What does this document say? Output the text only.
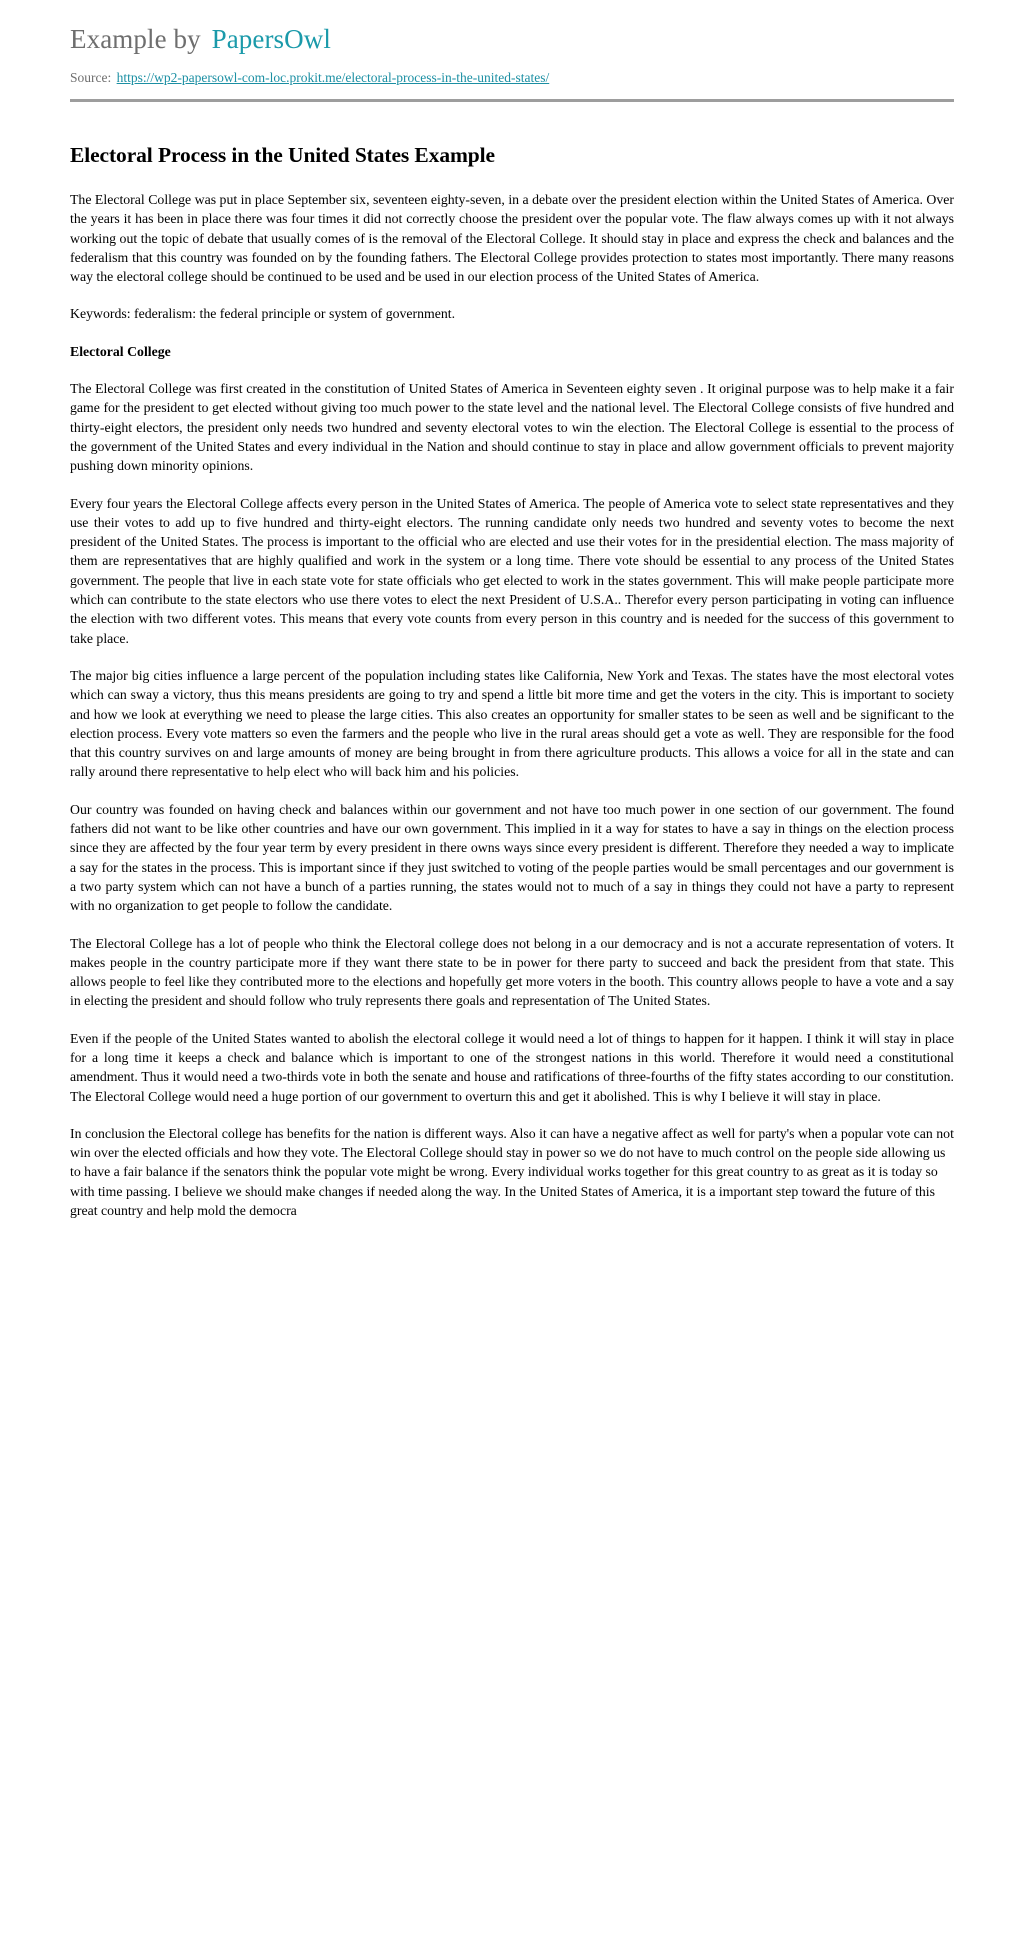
Example by PapersOwl
Source: https://wp2-papersowl-com-loc.prokit.me/electoral-process-in-the-united-states/
Electoral Process in the United States Example

The Electoral College was put in place September six, seventeen eighty-seven, in a debate over the president election within the United States of America. Over the years it has been in place there was four times it did not correctly choose the president over the popular vote. The flaw always comes up with it not always working out the topic of debate that usually comes of is the removal of the Electoral College. It should stay in place and express the check and balances and the federalism that this country was founded on by the founding fathers. The Electoral College provides protection to states most importantly. There many reasons way the electoral college should be continued to be used and be used in our election process of the United States of America.

Keywords: federalism: the federal principle or system of government.

Electoral College

The Electoral College was first created in the constitution of United States of America in Seventeen eighty seven . It original purpose was to help make it a fair game for the president to get elected without giving too much power to the state level and the national level. The Electoral College consists of five hundred and thirty-eight electors, the president only needs two hundred and seventy electoral votes to win the election. The Electoral College is essential to the process of the government of the United States and every individual in the Nation and should continue to stay in place and allow government officials to prevent majority pushing down minority opinions.

Every four years the Electoral College affects every person in the United States of America. The people of America vote to select state representatives and they use their votes to add up to five hundred and thirty-eight electors. The running candidate only needs two hundred and seventy votes to become the next president of the United States. The process is important to the official who are elected and use their votes for in the presidential election. The mass majority of them are representatives that are highly qualified and work in the system or a long time. There vote should be essential to any process of the United States government. The people that live in each state vote for state officials who get elected to work in the states government. This will make people participate more which can contribute to the state electors who use there votes to elect the next President of U.S.A.. Therefor every person participating in voting can influence the election with two different votes. This means that every vote counts from every person in this country and is needed for the success of this government to take place.

The major big cities influence a large percent of the population including states like California, New York and Texas. The states have the most electoral votes which can sway a victory, thus this means presidents are going to try and spend a little bit more time and get the voters in the city. This is important to society and how we look at everything we need to please the large cities. This also creates an opportunity for smaller states to be seen as well and be significant to the election process. Every vote matters so even the farmers and the people who live in the rural areas should get a vote as well. They are responsible for the food that this country survives on and large amounts of money are being brought in from there agriculture products. This allows a voice for all in the state and can rally around there representative to help elect who will back him and his policies.

Our country was founded on having check and balances within our government and not have too much power in one section of our government. The found fathers did not want to be like other countries and have our own government. This implied in it a way for states to have a say in things on the election process since they are affected by the four year term by every president in there owns ways since every president is different. Therefore they needed a way to implicate a say for the states in the process. This is important since if they just switched to voting of the people parties would be small percentages and our government is a two party system which can not have a bunch of a parties running, the states would not to much of a say in things they could not have a party to represent with no organization to get people to follow the candidate.

The Electoral College has a lot of people who think the Electoral college does not belong in a our democracy and is not a accurate representation of voters. It makes people in the country participate more if they want there state to be in power for there party to succeed and back the president from that state. This allows people to feel like they contributed more to the elections and hopefully get more voters in the booth. This country allows people to have a vote and a say in electing the president and should follow who truly represents there goals and representation of The United States.

Even if the people of the United States wanted to abolish the electoral college it would need a lot of things to happen for it happen. I think it will stay in place for a long time it keeps a check and balance which is important to one of the strongest nations in this world. Therefore it would need a constitutional amendment. Thus it would need a two-thirds vote in both the senate and house and ratifications of three-fourths of the fifty states according to our constitution. The Electoral College would need a huge portion of our government to overturn this and get it abolished. This is why I believe it will stay in place.

In conclusion the Electoral college has benefits for the nation is different ways. Also it can have a negative affect as well for party's when a popular vote can not win over the elected officials and how they vote. The Electoral College should stay in power so we do not have to much control on the people side allowing us to have a fair balance if the senators think the popular vote might be wrong. Every individual works together for this great country to as great as it is today so with time passing. I believe we should make changes if needed along the way. In the United States of America, it is a important step toward the future of this great country and help mold the democra
